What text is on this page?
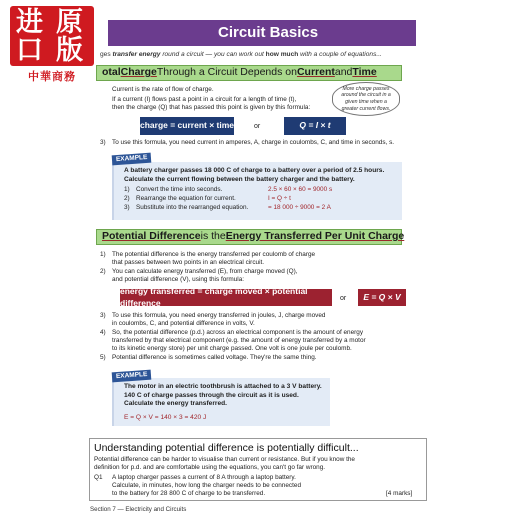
进 原
口 版
中華商務
Circuit Basics
ges transfer energy round a circuit — you can work out how much with a couple of equations...
otal Charge Through a Circuit Depends on Current and Time
Current is the rate of flow of charge.
If a current (I) flows past a point in a circuit for a length of time (t),
then the charge (Q) that has passed this point is given by this formula:
More charge passes around the circuit in a given time when a greater current flows.
charge = current × time	or	Q = I × t
3) To use this formula, you need current in amperes, A, charge in coulombs, C, and time in seconds, s.
EXAMPLE
A battery charger passes 18 000 C of charge to a battery over a period of 2.5 hours. Calculate the current flowing between the battery charger and the battery.
1) Convert the time into seconds.	2.5 × 60 × 60 = 9000 s
2) Rearrange the equation for current.	I = Q ÷ t
3) Substitute into the rearranged equation.	= 18 000 ÷ 9000 = 2 A
Potential Difference is the Energy Transferred Per Unit Charge
1) The potential difference is the energy transferred per coulomb of charge
that passes between two points in an electrical circuit.
2) You can calculate energy transferred (E), from charge moved (Q),
and potential difference (V), using this formula:
energy transferred = charge moved × potential difference	or	E = Q × V
3) To use this formula, you need energy transferred in joules, J, charge moved
in coulombs, C, and potential difference in volts, V.
4) So, the potential difference (p.d.) across an electrical component is the amount of energy
transferred by that electrical component (e.g. the amount of energy transferred by a motor
to its kinetic energy store) per unit charge passed. One volt is one joule per coulomb.
5) Potential difference is sometimes called voltage. They're the same thing.
EXAMPLE
The motor in an electric toothbrush is attached to a 3 V battery. 140 C of charge passes through the circuit as it is used. Calculate the energy transferred.
E = Q × V = 140 × 3 = 420 J
Understanding potential difference is potentially difficult...
Potential difference can be harder to visualise than current or resistance. But if you know the
definition for p.d. and are comfortable using the equations, you can't go far wrong.
Q1 A laptop charger passes a current of 8 A through a laptop battery.
Calculate, in minutes, how long the charger needs to be connected
to the battery for 28 800 C of charge to be transferred.	[4 marks]
Section 7 — Electricity and Circuits
